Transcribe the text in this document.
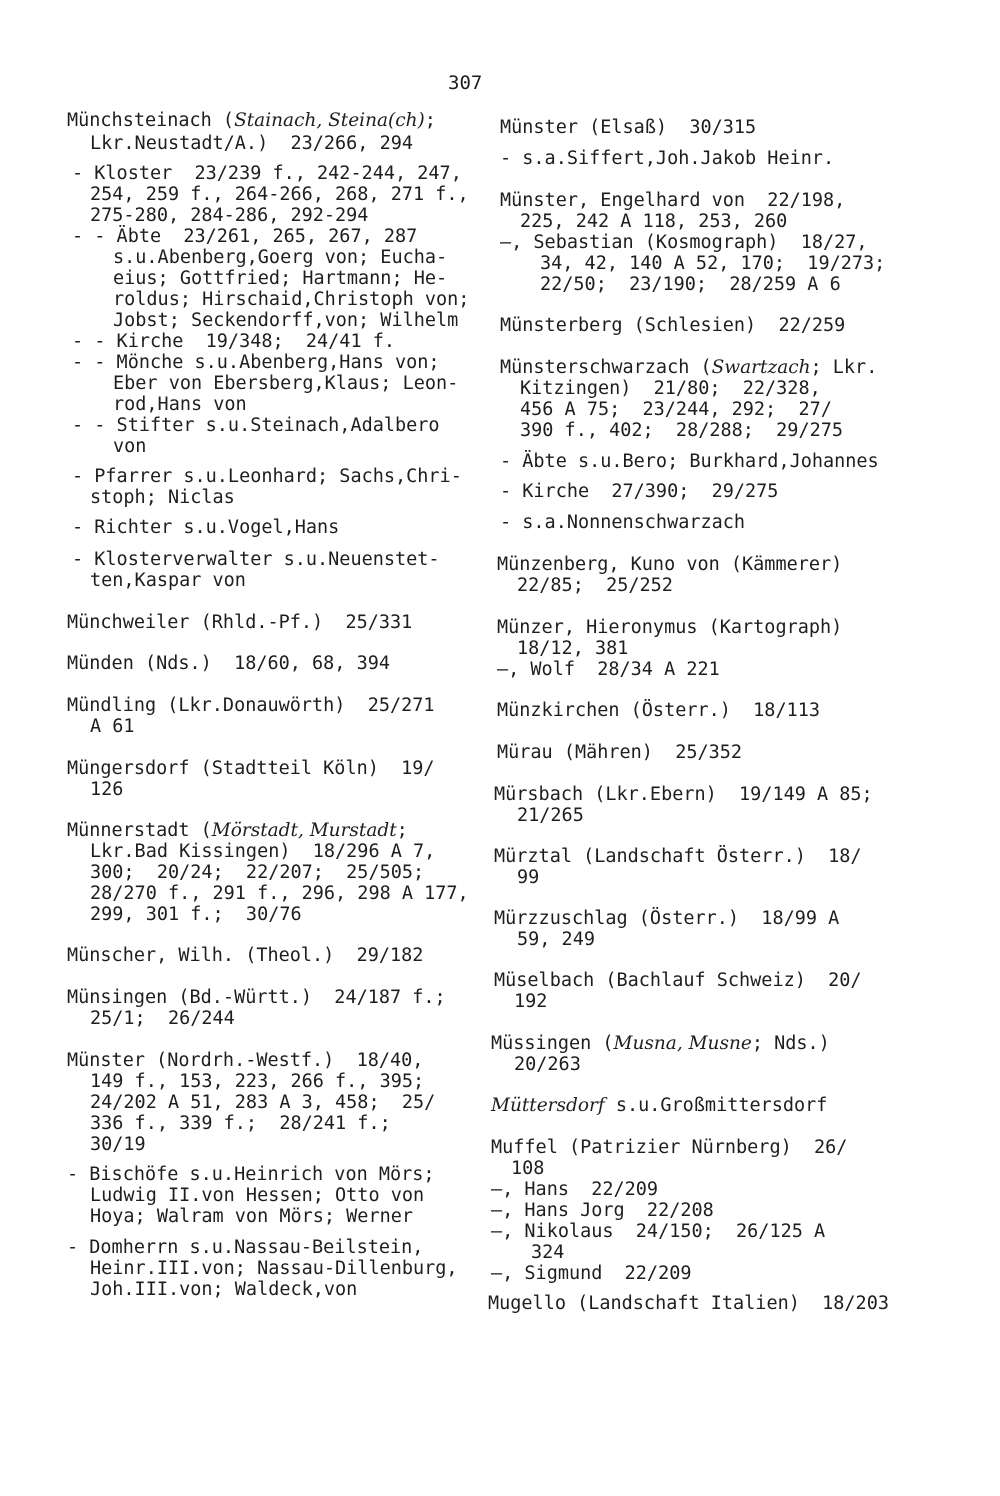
307
Münchsteinach (Stainach, Steina(ch);
Lkr.Neustadt/A.)  23/266, 294
- Kloster  23/239 f., 242-244, 247,
254, 259 f., 264-266, 268, 271 f.,
275-280, 284-286, 292-294
- - Äbte  23/261, 265, 267, 287
s.u.Abenberg,Goerg von; Eucha-
eius; Gottfried; Hartmann; He-
roldus; Hirschaid,Christoph von;
Jobst; Seckendorff,von; Wilhelm
- - Kirche  19/348;  24/41 f.
- - Mönche s.u.Abenberg,Hans von;
Eber von Ebersberg,Klaus; Leon-
rod,Hans von
- - Stifter s.u.Steinach,Adalbero
von
- Pfarrer s.u.Leonhard; Sachs,Chri-
stoph; Niclas
- Richter s.u.Vogel,Hans
- Klosterverwalter s.u.Neuenstet-
ten,Kaspar von
Münchweiler (Rhld.-Pf.)  25/331
Münden (Nds.)  18/60, 68, 394
Mündling (Lkr.Donauwörth)  25/271
A 61
Müngersdorf (Stadtteil Köln)  19/
126
Münnerstadt (Mörstadt, Murstadt;
Lkr.Bad Kissingen)  18/296 A 7,
300;  20/24;  22/207;  25/505;
28/270 f., 291 f., 296, 298 A 177,
299, 301 f.;  30/76
Münscher, Wilh. (Theol.)  29/182
Münsingen (Bd.-Württ.)  24/187 f.;
25/1;  26/244
Münster (Nordrh.-Westf.)  18/40,
149 f., 153, 223, 266 f., 395;
24/202 A 51, 283 A 3, 458;  25/
336 f., 339 f.;  28/241 f.;
30/19
- Bischöfe s.u.Heinrich von Mörs;
Ludwig II.von Hessen; Otto von
Hoya; Walram von Mörs; Werner
- Domherrn s.u.Nassau-Beilstein,
Heinr.III.von; Nassau-Dillenburg,
Joh.III.von; Waldeck,von
Münster (Elsaß)  30/315
- s.a.Siffert,Joh.Jakob Heinr.
Münster, Engelhard von  22/198,
225, 242 A 118, 253, 260
—, Sebastian (Kosmograph)  18/27,
34, 42, 140 A 52, 170;  19/273;
22/50;  23/190;  28/259 A 6
Münsterberg (Schlesien)  22/259
Münsterschwarzach (Swartzach; Lkr.
Kitzingen)  21/80;  22/328,
456 A 75;  23/244, 292;  27/
390 f., 402;  28/288;  29/275
- Äbte s.u.Bero; Burkhard,Johannes
- Kirche  27/390;  29/275
- s.a.Nonnenschwarzach
Münzenberg, Kuno von (Kämmerer)
22/85;  25/252
Münzer, Hieronymus (Kartograph)
18/12, 381
—, Wolf  28/34 A 221
Münzkirchen (Österr.)  18/113
Mürau (Mähren)  25/352
Mürsbach (Lkr.Ebern)  19/149 A 85;
21/265
Mürztal (Landschaft Österr.)  18/
99
Mürzzuschlag (Österr.)  18/99 A
59, 249
Müselbach (Bachlauf Schweiz)  20/
192
Müssingen (Musna, Musne; Nds.)
20/263
Müttersdorf s.u.Großmittersdorf
Muffel (Patrizier Nürnberg)  26/
108
—, Hans  22/209
—, Hans Jorg  22/208
—, Nikolaus  24/150;  26/125 A
324
—, Sigmund  22/209
Mugello (Landschaft Italien)  18/203
